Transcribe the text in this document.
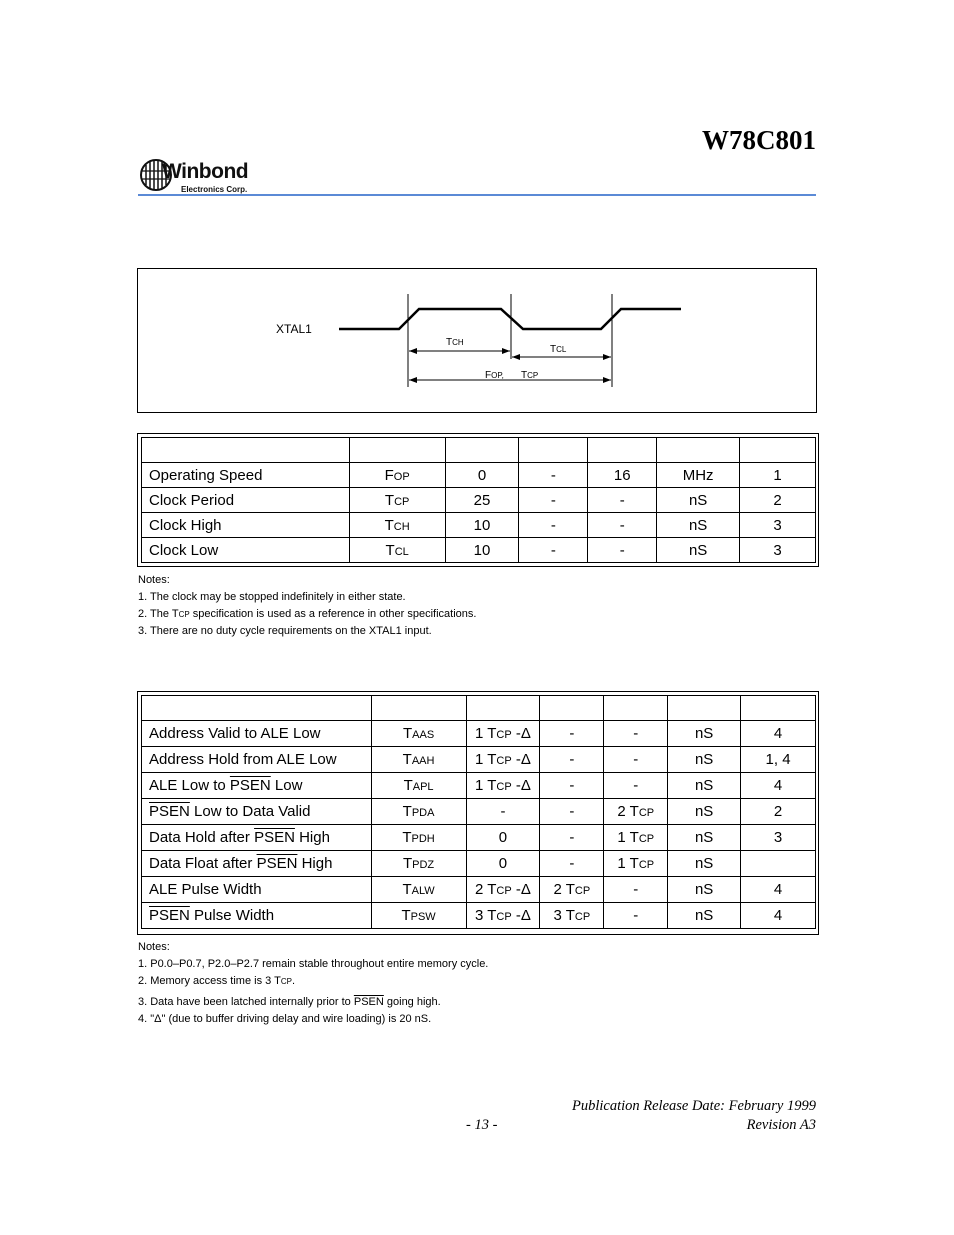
W78C801
Winbond
Electronics Corp.
XTAL1
TCH
TCL
FOP, TCP

Operating Speed	FOP	0	-	16	MHz	1
Clock Period	TCP	25	-	-	nS	2
Clock High	TCH	10	-	-	nS	3
Clock Low	TCL	10	-	-	nS	3
Notes:
1. The clock may be stopped indefinitely in either state.
2. The TCP specification is used as a reference in other specifications.
3. There are no duty cycle requirements on the XTAL1 input.

Address Valid to ALE Low	TAAS	1 TCP -Δ	-	-	nS	4
Address Hold from ALE Low	TAAH	1 TCP -Δ	-	-	nS	1, 4
ALE Low to PSEN Low	TAPL	1 TCP -Δ	-	-	nS	4
PSEN Low to Data Valid	TPDA	-	-	2 TCP	nS	2
Data Hold after PSEN High	TPDH	0	-	1 TCP	nS	3
Data Float after PSEN High	TPDZ	0	-	1 TCP	nS	
ALE Pulse Width	TALW	2 TCP -Δ	2 TCP	-	nS	4
PSEN Pulse Width	TPSW	3 TCP -Δ	3 TCP	-	nS	4
Notes:
1. P0.0–P0.7, P2.0–P2.7 remain stable throughout entire memory cycle.
2. Memory access time is 3 TCP.
3. Data have been latched internally prior to PSEN going high.
4. "Δ" (due to buffer driving delay and wire loading) is 20 nS.
Publication Release Date: February 1999
- 13 -	Revision A3
